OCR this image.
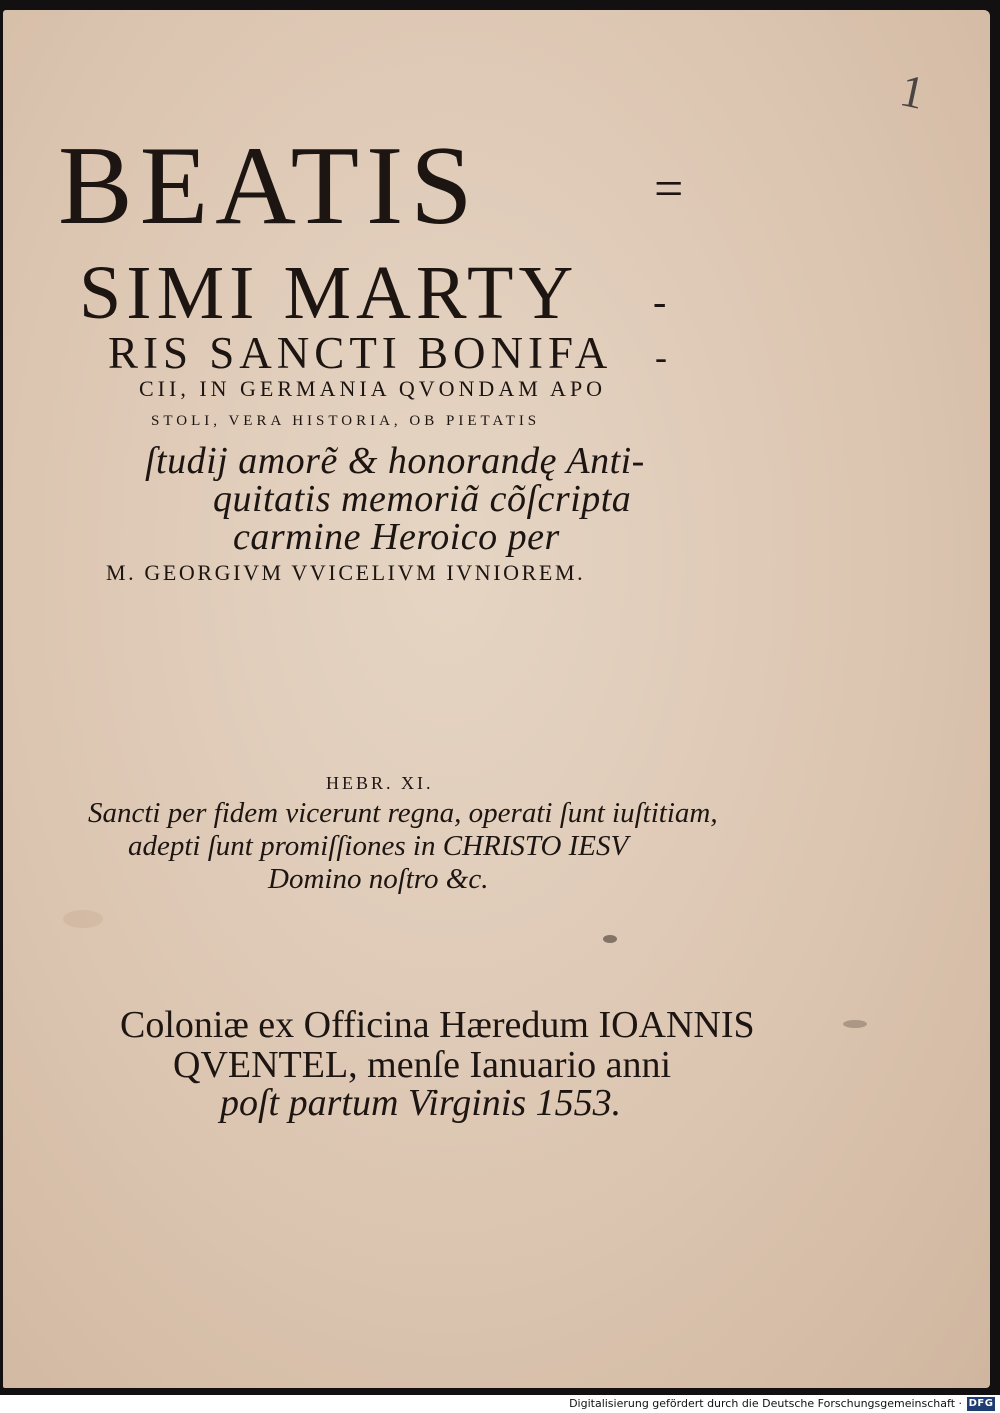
1

BEATIS	=

SIMI MARTY -

RIS SANCTI BONIFA -

CII, IN GERMANIA QVONDAM APO

STOLI, VERA HISTORIA, OB PIETATIS

ſtudij amorẽ & honorandę Anti-

quitatis memoriã cõſcripta

carmine Heroico per

M. GEORGIVM VVICELIVM IVNIOREM.

HEBR. XI.

Sancti per fidem vicerunt regna, operati ſunt iuſtitiam,

adepti ſunt promiſſiones in CHRISTO IESV

Domino noſtro &c.

Coloniæ ex Officina Hæredum IOANNIS

QVENTEL, menſe Ianuario anni

poſt partum Virginis 1553.

Digitalisierung gefördert durch die Deutsche Forschungsgemeinschaft · DFG
